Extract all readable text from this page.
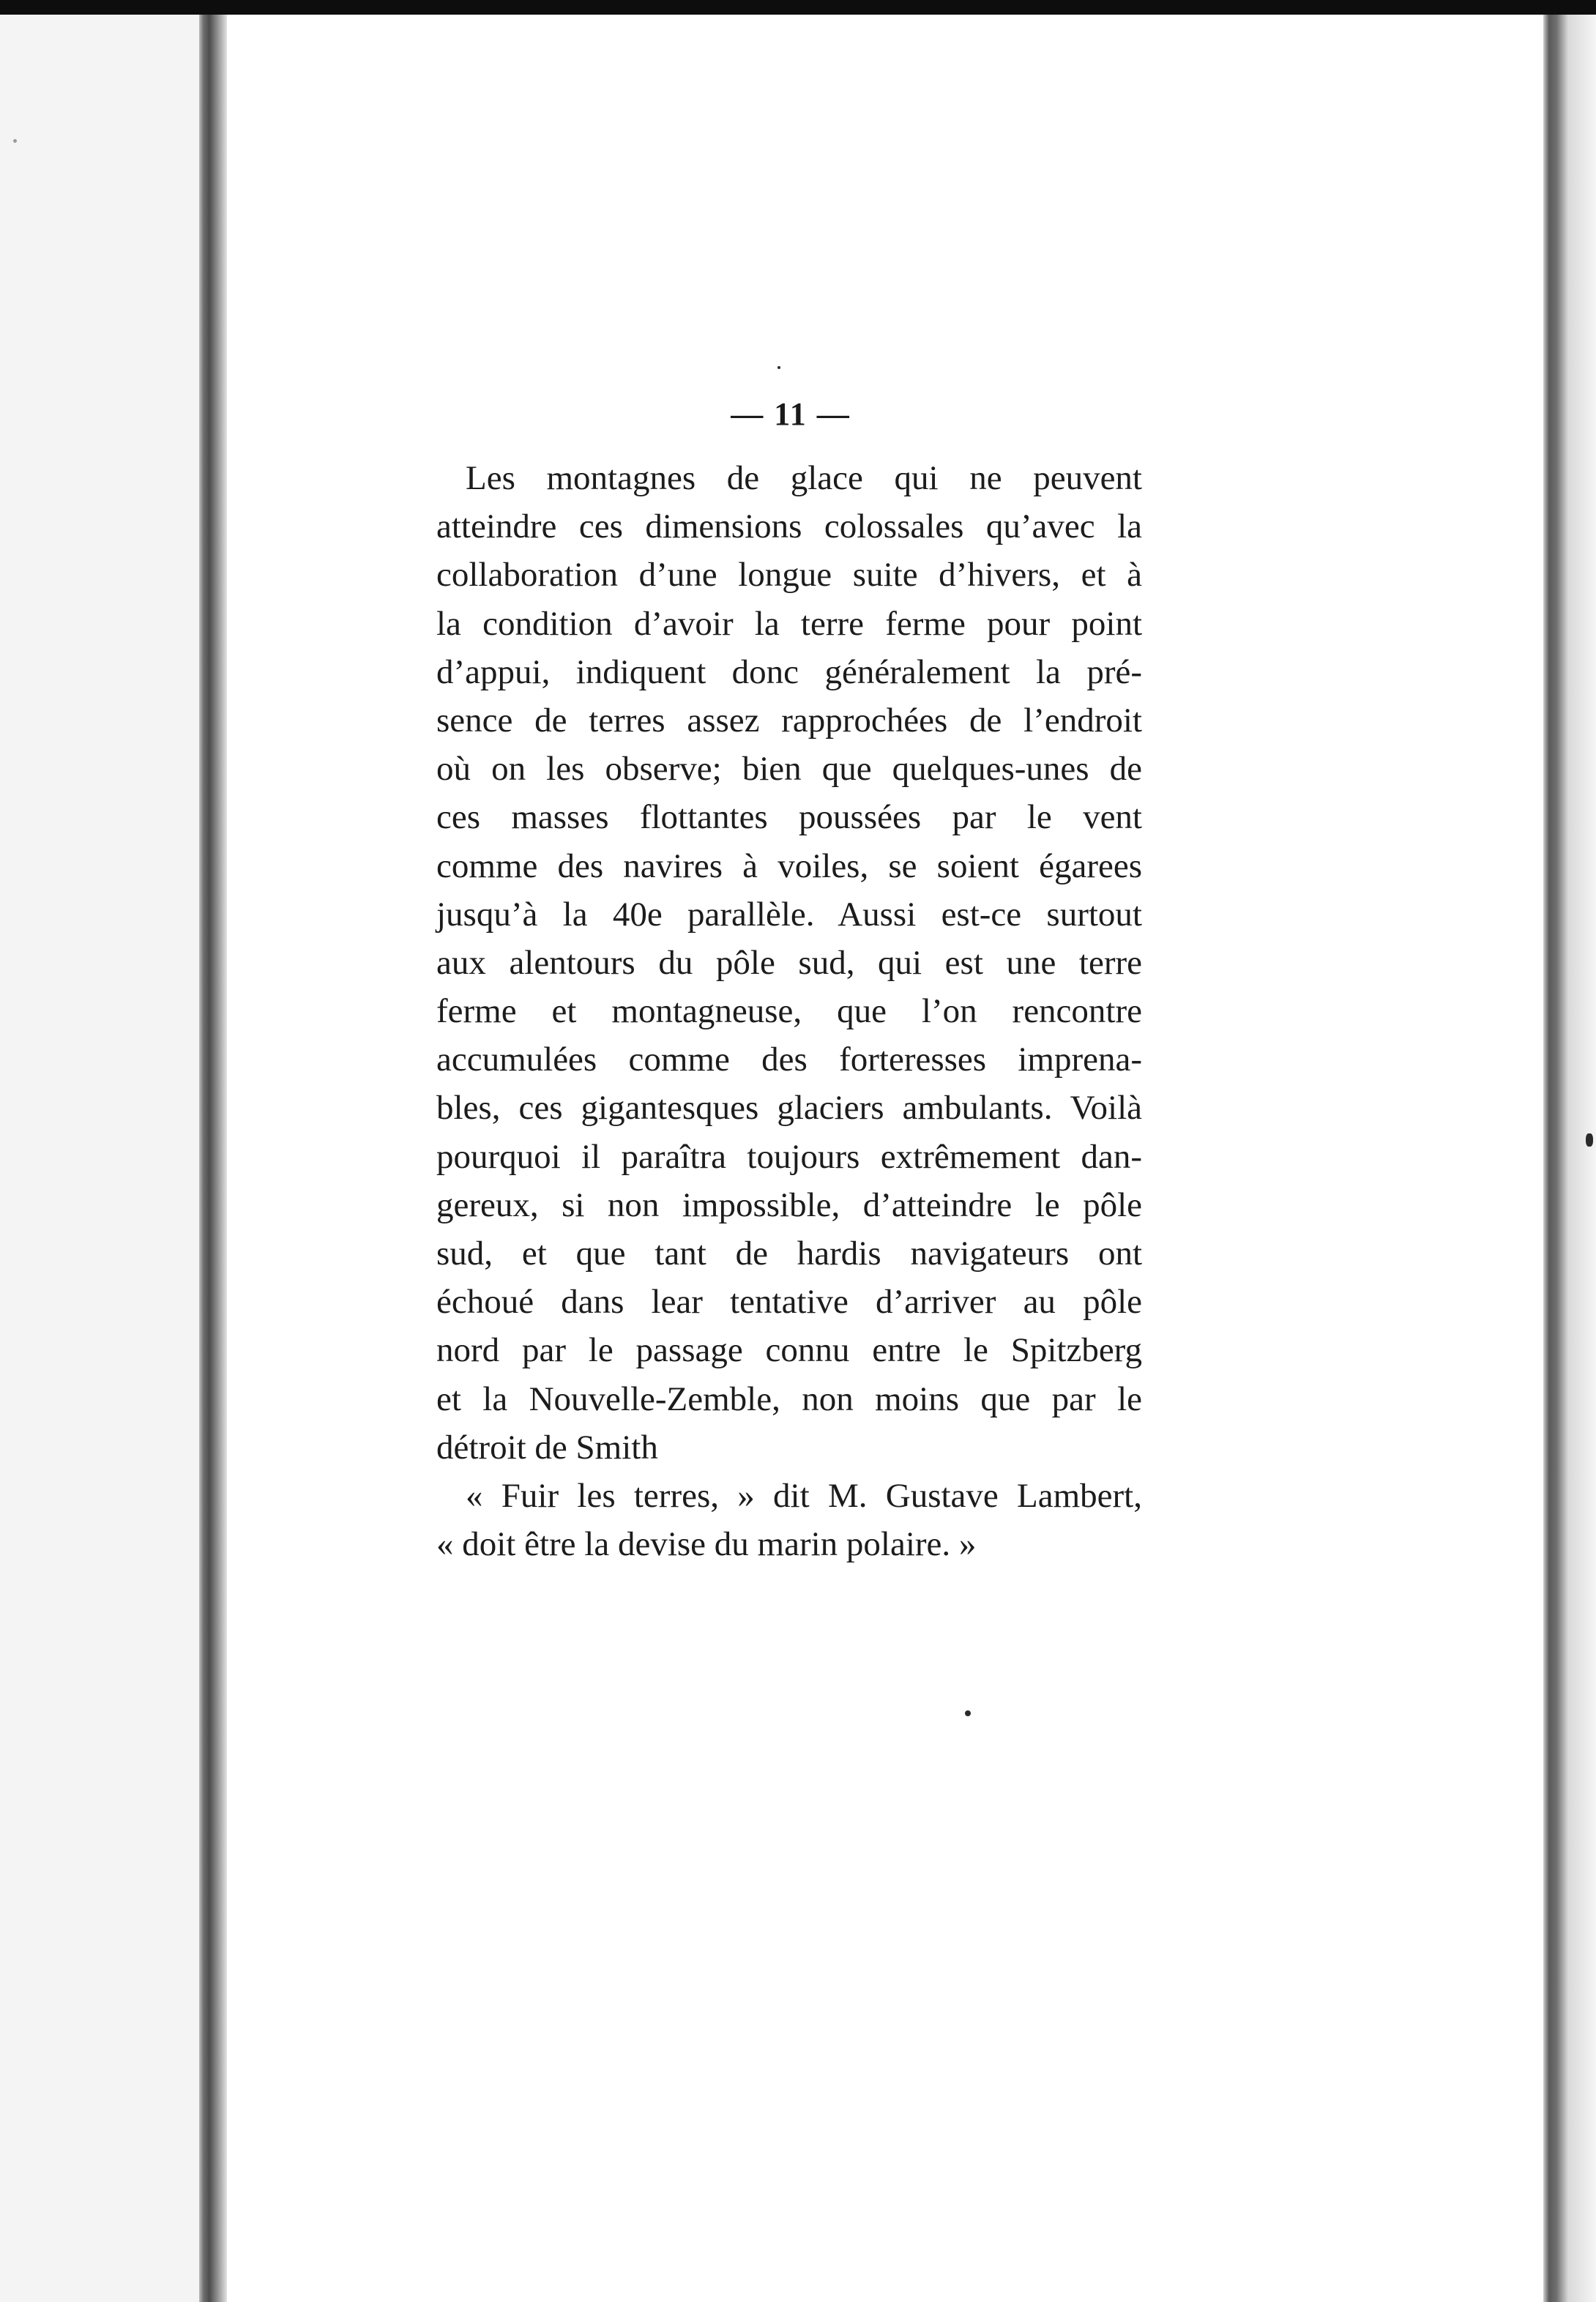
— 11 —
Les montagnes de glace qui ne peuvent
atteindre ces dimensions colossales qu’avec la
collaboration d’une longue suite d’hivers, et à
la condition d’avoir la terre ferme pour point
d’appui, indiquent donc généralement la pré-
sence de terres assez rapprochées de l’endroit
où on les observe; bien que quelques-unes de
ces masses flottantes poussées par le vent
comme des navires à voiles, se soient égarees
jusqu’à la 40e parallèle. Aussi est-ce surtout
aux alentours du pôle sud, qui est une terre
ferme et montagneuse, que l’on rencontre
accumulées comme des forteresses imprena-
bles, ces gigantesques glaciers ambulants. Voilà
pourquoi il paraîtra toujours extrêmement dan-
gereux, si non impossible, d’atteindre le pôle
sud, et que tant de hardis navigateurs ont
échoué dans lear tentative d’arriver au pôle
nord par le passage connu entre le Spitzberg
et la Nouvelle-Zemble, non moins que par le
détroit de Smith
« Fuir les terres, » dit M. Gustave Lambert,
« doit être la devise du marin polaire. »
